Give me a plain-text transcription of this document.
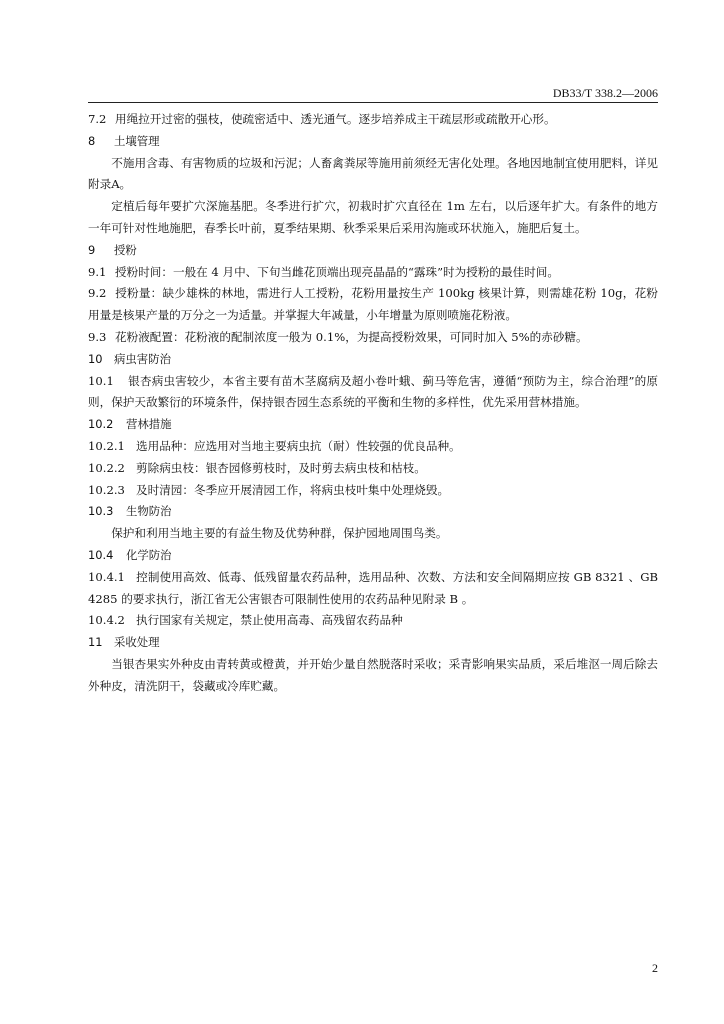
DB33/T 338.2—2006

7.2 用绳拉开过密的强枝，使疏密适中、透光通气。逐步培养成主干疏层形或疏散开心形。

8 土壤管理

不施用含毒、有害物质的垃圾和污泥；人畜禽粪尿等施用前须经无害化处理。各地因地制宜使用肥料，详见附录A。

定植后每年要扩穴深施基肥。冬季进行扩穴，初栽时扩穴直径在 1m 左右，以后逐年扩大。有条件的地方一年可针对性地施肥，春季长叶前，夏季结果期、秋季采果后采用沟施或环状施入，施肥后复土。

9 授粉

9.1 授粉时间：一般在 4 月中、下旬当雌花顶端出现亮晶晶的“露珠”时为授粉的最佳时间。

9.2 授粉量：缺少雄株的林地，需进行人工授粉，花粉用量按生产 100kg 核果计算，则需雄花粉 10g，花粉用量是核果产量的万分之一为适量。并掌握大年减量，小年增量为原则喷施花粉液。

9.3 花粉液配置：花粉液的配制浓度一般为 0.1%，为提高授粉效果，可同时加入 5%的赤砂糖。

10 病虫害防治

10.1 银杏病虫害较少，本省主要有苗木茎腐病及超小卷叶蛾、蓟马等危害，遵循“预防为主，综合治理”的原则，保护天敌繁衍的环境条件，保持银杏园生态系统的平衡和生物的多样性，优先采用营林措施。

10.2 营林措施

10.2.1 选用品种：应选用对当地主要病虫抗（耐）性较强的优良品种。

10.2.2 剪除病虫枝：银杏园修剪枝时，及时剪去病虫枝和枯枝。

10.2.3 及时清园：冬季应开展清园工作，将病虫枝叶集中处理烧毁。

10.3 生物防治

保护和利用当地主要的有益生物及优势种群，保护园地周围鸟类。

10.4 化学防治

10.4.1 控制使用高效、低毒、低残留量农药品种，选用品种、次数、方法和安全间隔期应按 GB 8321 、GB 4285 的要求执行，浙江省无公害银杏可限制性使用的农药品种见附录 B 。

10.4.2 执行国家有关规定，禁止使用高毒、高残留农药品种

11 采收处理

当银杏果实外种皮由青转黄或橙黄，并开始少量自然脱落时采收；采青影响果实品质，采后堆沤一周后除去外种皮，清洗阴干，袋藏或冷库贮藏。

2
